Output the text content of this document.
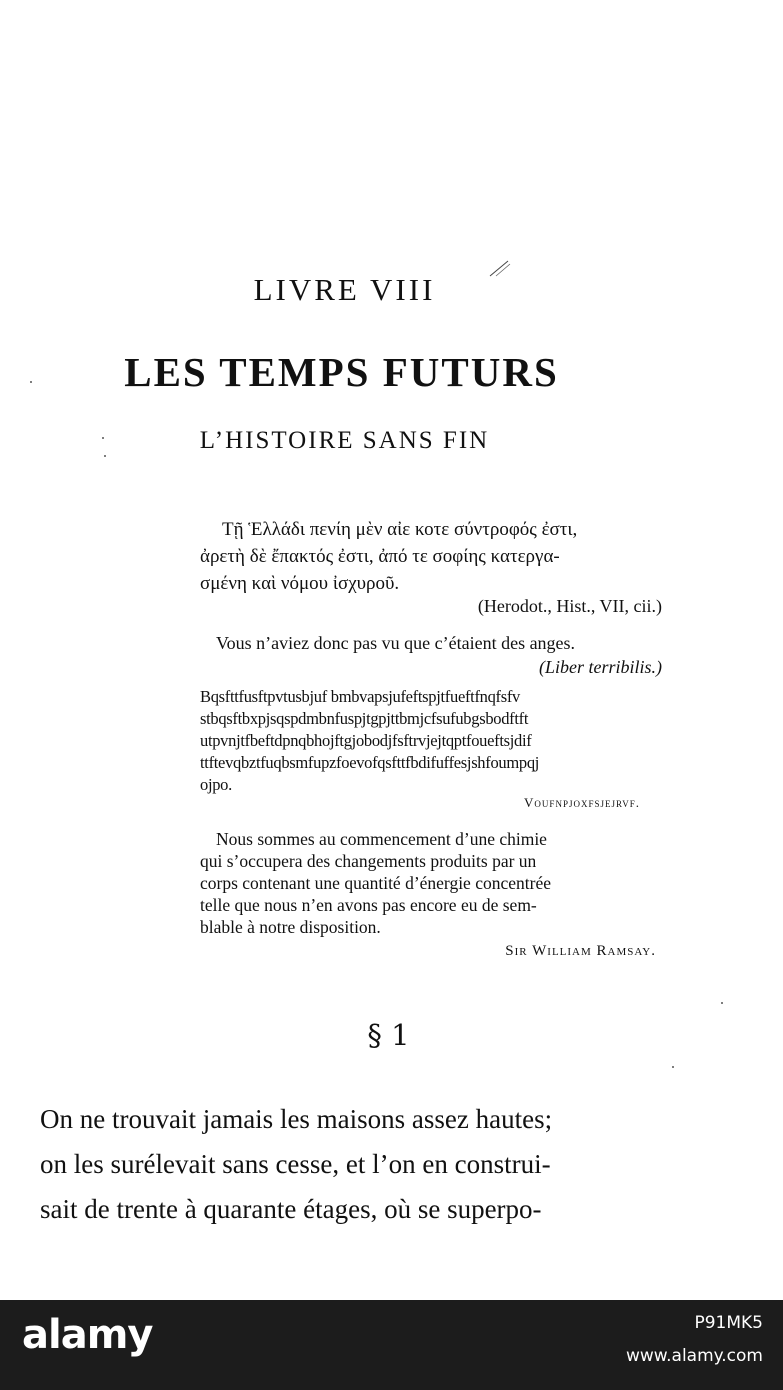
LIVRE VIII
LES TEMPS FUTURS
L’HISTOIRE SANS FIN
Τῇ Ἑλλάδι πενίη μὲν αἰε κοτε σύντροφός ἐστι,
ἀρετὴ δὲ ἔπακτός ἐστι, ἀπό τε σοφίης κατεργα-
σμένη καὶ νόμου ἰσχυροῦ.
(Herodot., Hist., VII, cii.)
Vous n’aviez donc pas vu que c’étaient des anges.
(Liber terribilis.)
Bqsfttfusftpvtusbjuf bmbvapsjufeftspjtfueftfnqfsfv
stbqsftbxpjsqspdmbnfuspjtgpjttbmjcfsufubgsbodftft
utpvnjtfbeftdpnqbhojftgjobodjfsftrvjejtqptfoueftsjdif
ttftevqbztfuqbsmfupzfoevofqsfttfbdifuffesjshfoumpqj
ojpo.
Voufnpjoxfsjejrvf.
Nous sommes au commencement d’une chimie
qui s’occupera des changements produits par un
corps contenant une quantité d’énergie concentrée
telle que nous n’en avons pas encore eu de sem-
blable à notre disposition.
Sir William Ramsay.
§ 1
On ne trouvait jamais les maisons assez hautes;
on les surélevait sans cesse, et l’on en construi-
sait de trente à quarante étages, où se superpo-
alamy	P91MK5
www.alamy.com
